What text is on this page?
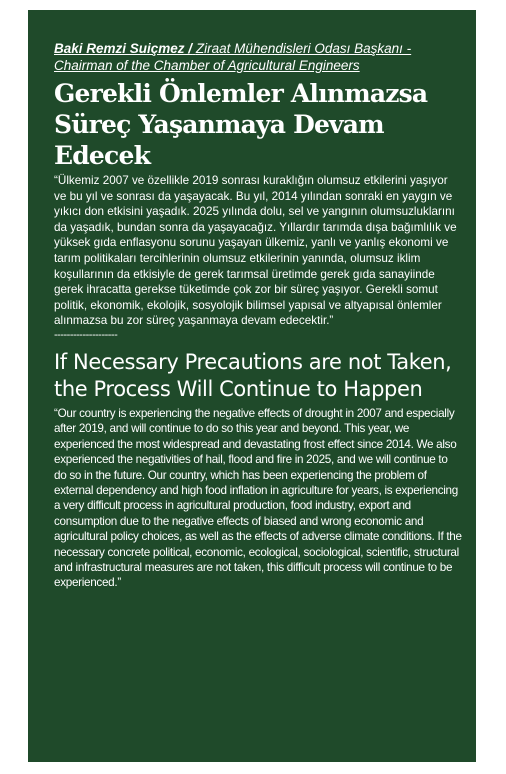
Baki Remzi Suiçmez / Ziraat Mühendisleri Odası Başkanı -
Chairman of the Chamber of Agricultural Engineers
Gerekli Önlemler Alınmazsa Süreç Yaşanmaya Devam Edecek

“Ülkemiz 2007 ve özellikle 2019 sonrası kuraklığın olumsuz etkilerini yaşıyor ve bu yıl ve sonrası da yaşayacak. Bu yıl, 2014 yılından sonraki en yaygın ve yıkıcı don etkisini yaşadık. 2025 yılında dolu, sel ve yangının olumsuzluklarını da yaşadık, bundan sonra da yaşayacağız. Yıllardır tarımda dışa bağımlılık ve yüksek gıda enflasyonu sorunu yaşayan ülkemiz, yanlı ve yanlış ekonomi ve tarım politikaları tercihlerinin olumsuz etkilerinin yanında, olumsuz iklim koşullarının da etkisiyle de gerek tarımsal üretimde gerek gıda sanayiinde gerek ihracatta gerekse tüketimde çok zor bir süreç yaşıyor. Gerekli somut politik, ekonomik, ekolojik, sosyolojik bilimsel yapısal ve altyapısal önlemler alınmazsa bu zor süreç yaşanmaya devam edecektir.”

--------------------
If Necessary Precautions are not Taken, the Process Will Continue to Happen

“Our country is experiencing the negative effects of drought in 2007 and especially after 2019, and will continue to do so this year and beyond. This year, we experienced the most widespread and devastating frost effect since 2014. We also experienced the negativities of hail, flood and fire in 2025, and we will continue to do so in the future. Our country, which has been experiencing the problem of external dependency and high food inflation in agriculture for years, is experiencing a very difficult process in agricultural production, food industry, export and consumption due to the negative effects of biased and wrong economic and agricultural policy choices, as well as the effects of adverse climate conditions. If the necessary concrete political, economic, ecological, sociological, scientific, structural and infrastructural measures are not taken, this difficult process will continue to be experienced.”
